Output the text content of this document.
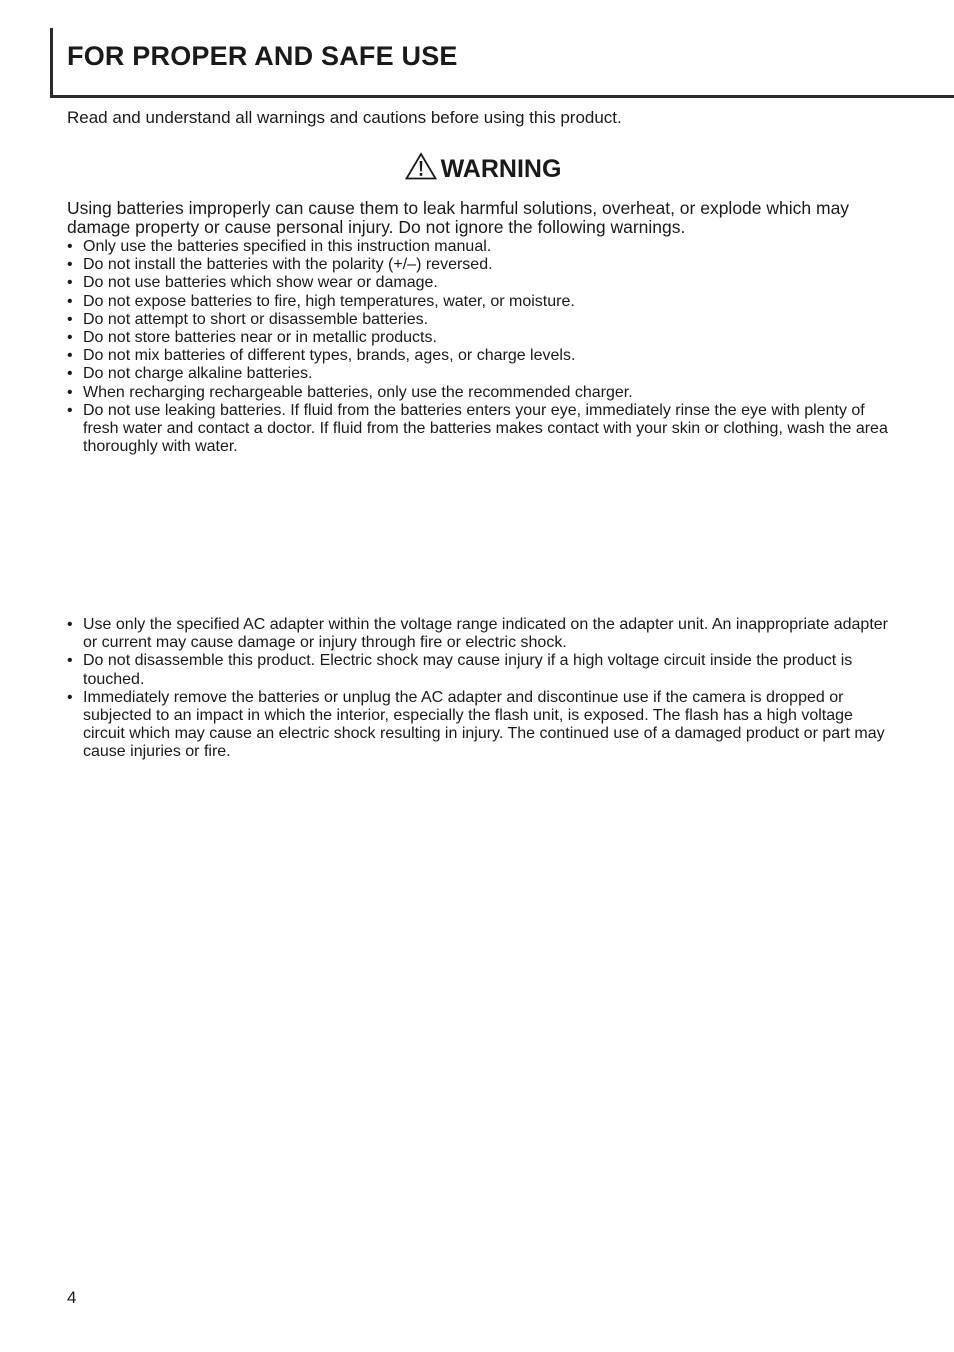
FOR PROPER AND SAFE USE

Read and understand all warnings and cautions before using this product.

WARNING

Using batteries improperly can cause them to leak harmful solutions, overheat, or explode which may damage property or cause personal injury. Do not ignore the following warnings.

• Only use the batteries specified in this instruction manual.
• Do not install the batteries with the polarity (+/–) reversed.
• Do not use batteries which show wear or damage.
• Do not expose batteries to fire, high temperatures, water, or moisture.
• Do not attempt to short or disassemble batteries.
• Do not store batteries near or in metallic products.
• Do not mix batteries of different types, brands, ages, or charge levels.
• Do not charge alkaline batteries.
• When recharging rechargeable batteries, only use the recommended charger.
• Do not use leaking batteries. If fluid from the batteries enters your eye, immediately rinse the eye with plenty of fresh water and contact a doctor. If fluid from the batteries makes contact with your skin or clothing, wash the area thoroughly with water.
• Use only the specified AC adapter within the voltage range indicated on the adapter unit. An inappropriate adapter or current may cause damage or injury through fire or electric shock.
• Do not disassemble this product. Electric shock may cause injury if a high voltage circuit inside the product is touched.
• Immediately remove the batteries or unplug the AC adapter and discontinue use if the camera is dropped or subjected to an impact in which the interior, especially the flash unit, is exposed. The flash has a high voltage circuit which may cause an electric shock resulting in injury. The continued use of a damaged product or part may cause injuries or fire.

4
